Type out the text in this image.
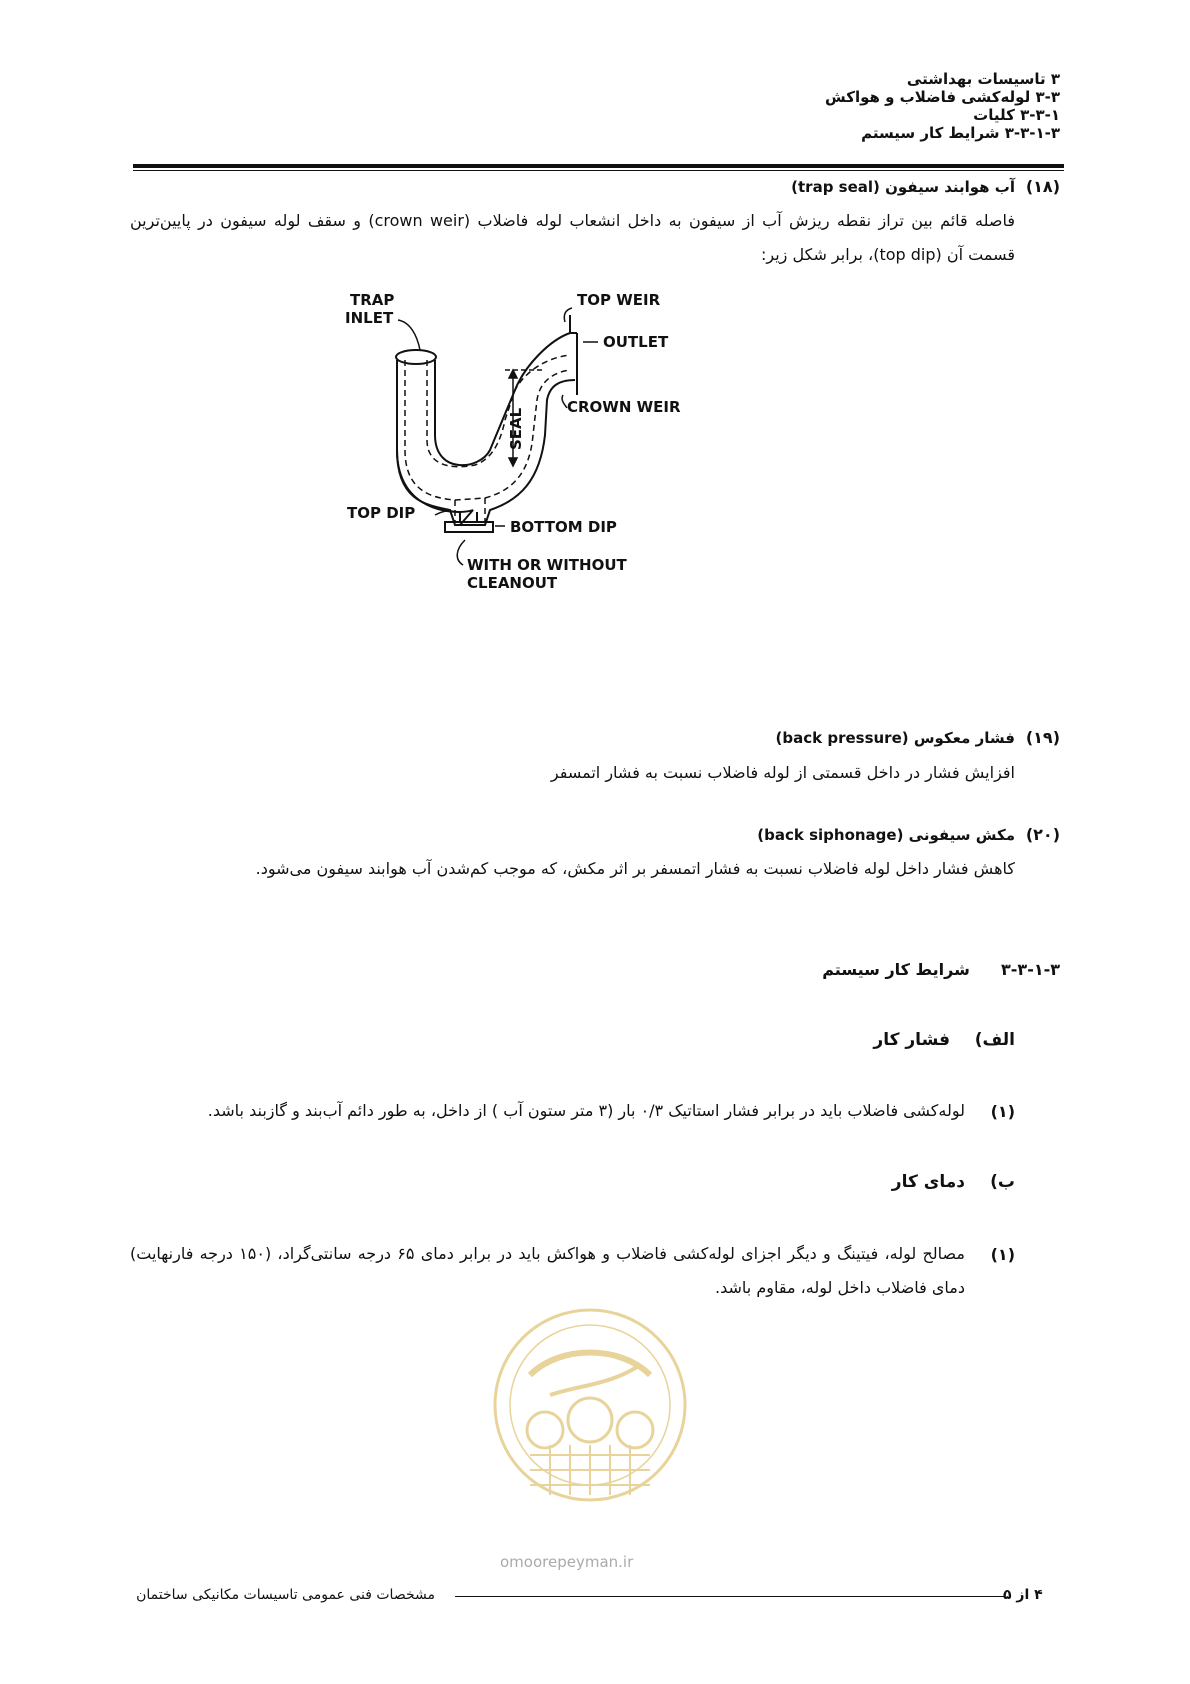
۳ تاسیسات بهداشتی
۳-۳ لوله‌کشی فاضلاب و هواکش
۳-۳-۱ کلیات
۳-۳-۱-۳ شرایط کار سیستم
(۱۸)
آب هوابند سیفون (trap seal)
فاصله قائم بین تراز نقطه ریزش آب از سیفون به داخل انشعاب لوله فاضلاب (crown weir) و سقف لوله سیفون در پایین‌ترین قسمت آن (top dip)، برابر شکل زیر:
TRAP
INLET
TOP WEIR
OUTLET
CROWN WEIR
SEAL
TOP DIP
BOTTOM DIP
WITH OR WITHOUT
CLEANOUT
(۱۹)
فشار معکوس (back pressure)
افزایش فشار در داخل قسمتی از لوله فاضلاب نسبت به فشار اتمسفر
(۲۰)
مکش سیفونی (back siphonage)
کاهش فشار داخل لوله فاضلاب نسبت به فشار اتمسفر بر اثر مکش، که موجب کم‌شدن آب هوابند سیفون می‌شود.
۳-۳-۱-۳  شرایط کار سیستم
الف)
فشار کار
(۱)
لوله‌کشی فاضلاب باید در برابر فشار استاتیک ۰/۳ بار (۳ متر ستون آب ) از داخل، به طور دائم آب‌بند و گازبند باشد.
ب)
دمای کار
(۱)
مصالح لوله، فیتینگ و دیگر اجزای لوله‌کشی فاضلاب و هواکش باید در برابر دمای ۶۵ درجه سانتی‌گراد، (۱۵۰ درجه فارنهایت) دمای فاضلاب داخل لوله، مقاوم باشد.
omoorepeyman.ir
۴ از ۵
مشخصات فنی عمومی تاسیسات مکانیکی ساختمان
